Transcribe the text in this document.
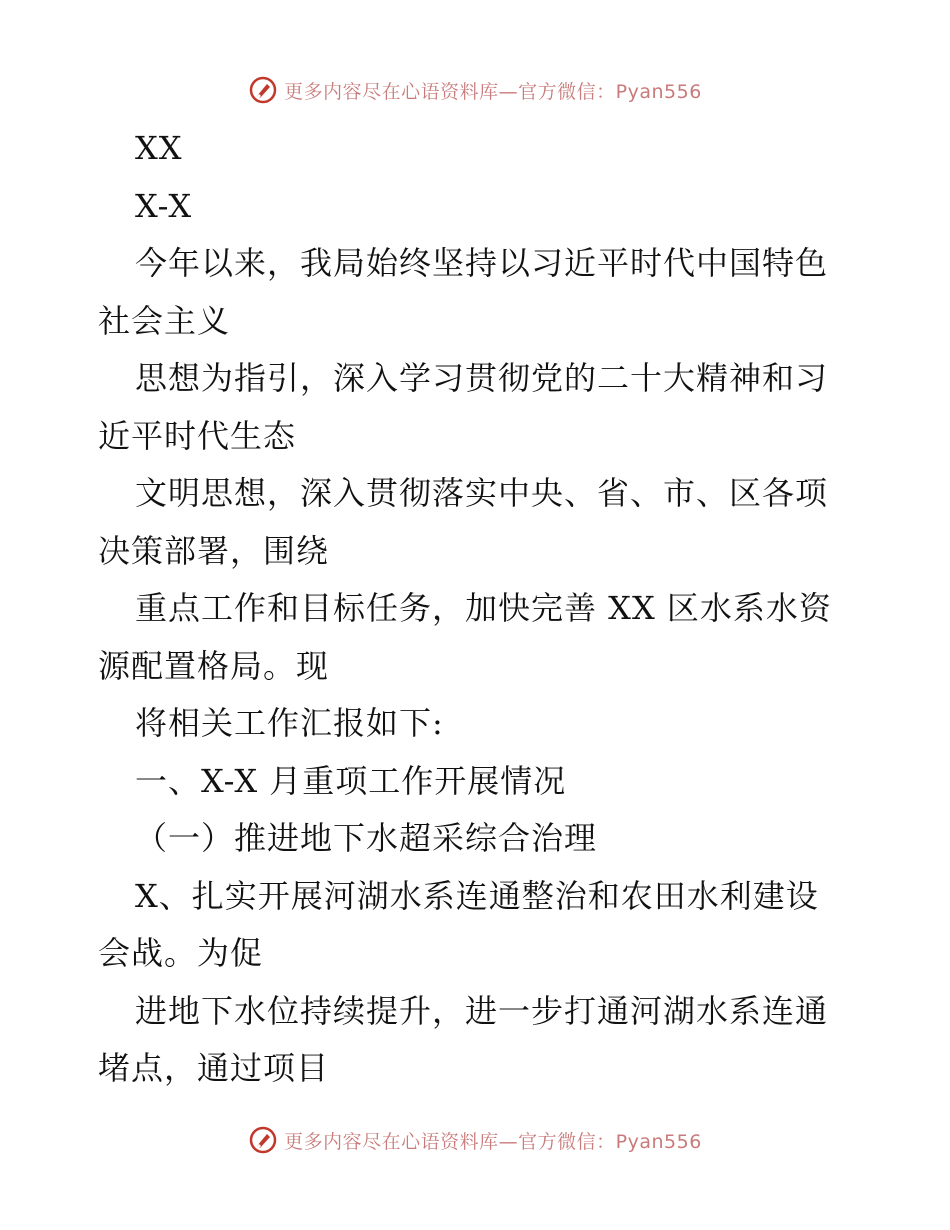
更多内容尽在心语资料库—官方微信：Pyan556
XX
X-X
今年以来，我局始终坚持以习近平时代中国特色
社会主义
思想为指引，深入学习贯彻党的二十大精神和习
近平时代生态
文明思想，深入贯彻落实中央、省、市、区各项
决策部署，围绕
重点工作和目标任务，加快完善 XX 区水系水资
源配置格局。现
将相关工作汇报如下:
一、X-X 月重项工作开展情况
（一）推进地下水超采综合治理
X、扎实开展河湖水系连通整治和农田水利建设
会战。为促
进地下水位持续提升，进一步打通河湖水系连通
堵点，通过项目
更多内容尽在心语资料库—官方微信：Pyan556
